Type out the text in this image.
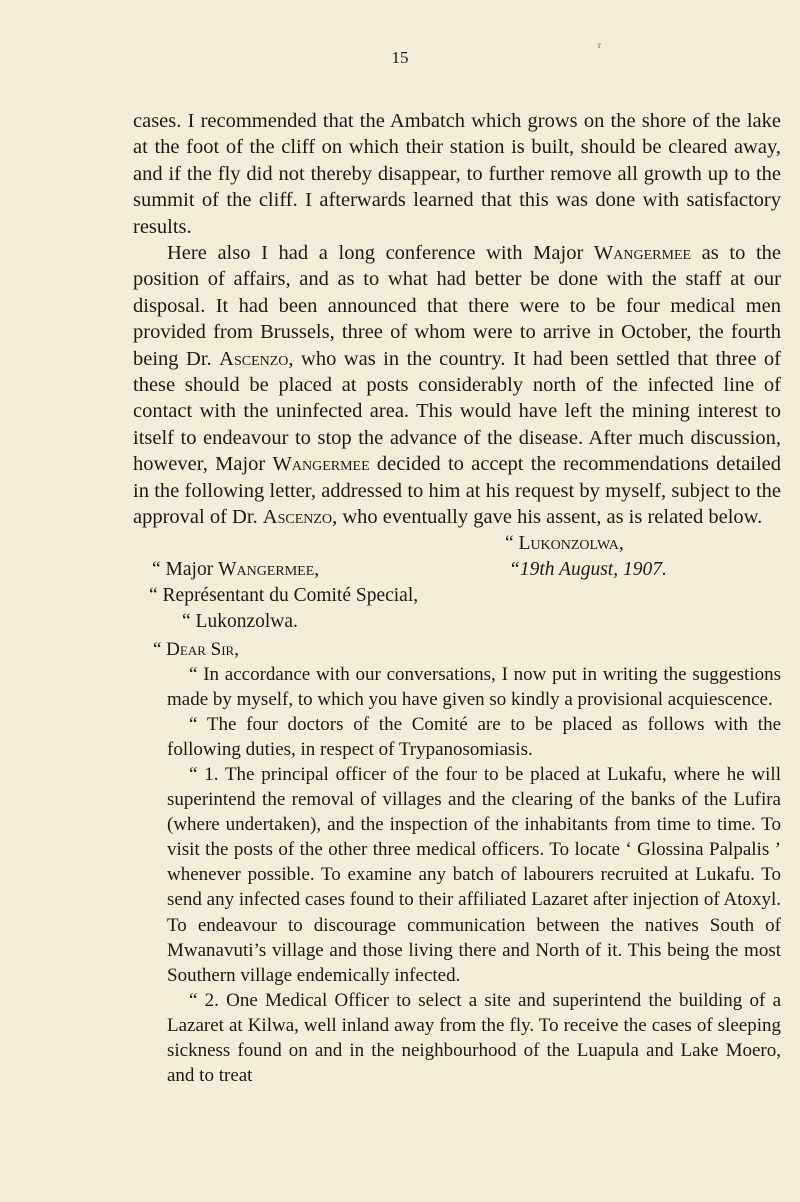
r
15

cases. I recommended that the Ambatch which grows on the shore of the lake at the foot of the cliff on which their station is built, should be cleared away, and if the fly did not thereby disappear, to further remove all growth up to the summit of the cliff. I afterwards learned that this was done with satisfactory results.

Here also I had a long conference with Major Wangermee as to the position of affairs, and as to what had better be done with the staff at our disposal. It had been announced that there were to be four medical men provided from Brussels, three of whom were to arrive in October, the fourth being Dr. Ascenzo, who was in the country. It had been settled that three of these should be placed at posts considerably north of the infected line of contact with the uninfected area. This would have left the mining interest to itself to endeavour to stop the advance of the disease. After much discussion, however, Major Wangermee decided to accept the recommendations detailed in the following letter, addressed to him at his request by myself, subject to the approval of Dr. Ascenzo, who eventually gave his assent, as is related below.

“ Lukonzolwa,
“ Major Wangermee,	“19th August, 1907.
“ Représentant du Comité Special,
“ Lukonzolwa.

“ Dear Sir,

“ In accordance with our conversations, I now put in writing the suggestions made by myself, to which you have given so kindly a provisional acquiescence.

“ The four doctors of the Comité are to be placed as follows with the following duties, in respect of Trypanosomiasis.

“ 1. The principal officer of the four to be placed at Lukafu, where he will superintend the removal of villages and the clearing of the banks of the Lufira (where undertaken), and the inspection of the inhabitants from time to time. To visit the posts of the other three medical officers. To locate ‘ Glossina Palpalis ’ whenever possible. To examine any batch of labourers recruited at Lukafu. To send any infected cases found to their affiliated Lazaret after injection of Atoxyl. To endeavour to discourage communication between the natives South of Mwanavuti’s village and those living there and North of it. This being the most Southern village endemically infected.

“ 2. One Medical Officer to select a site and superintend the building of a Lazaret at Kilwa, well inland away from the fly. To receive the cases of sleeping sickness found on and in the neighbourhood of the Luapula and Lake Moero, and to treat
